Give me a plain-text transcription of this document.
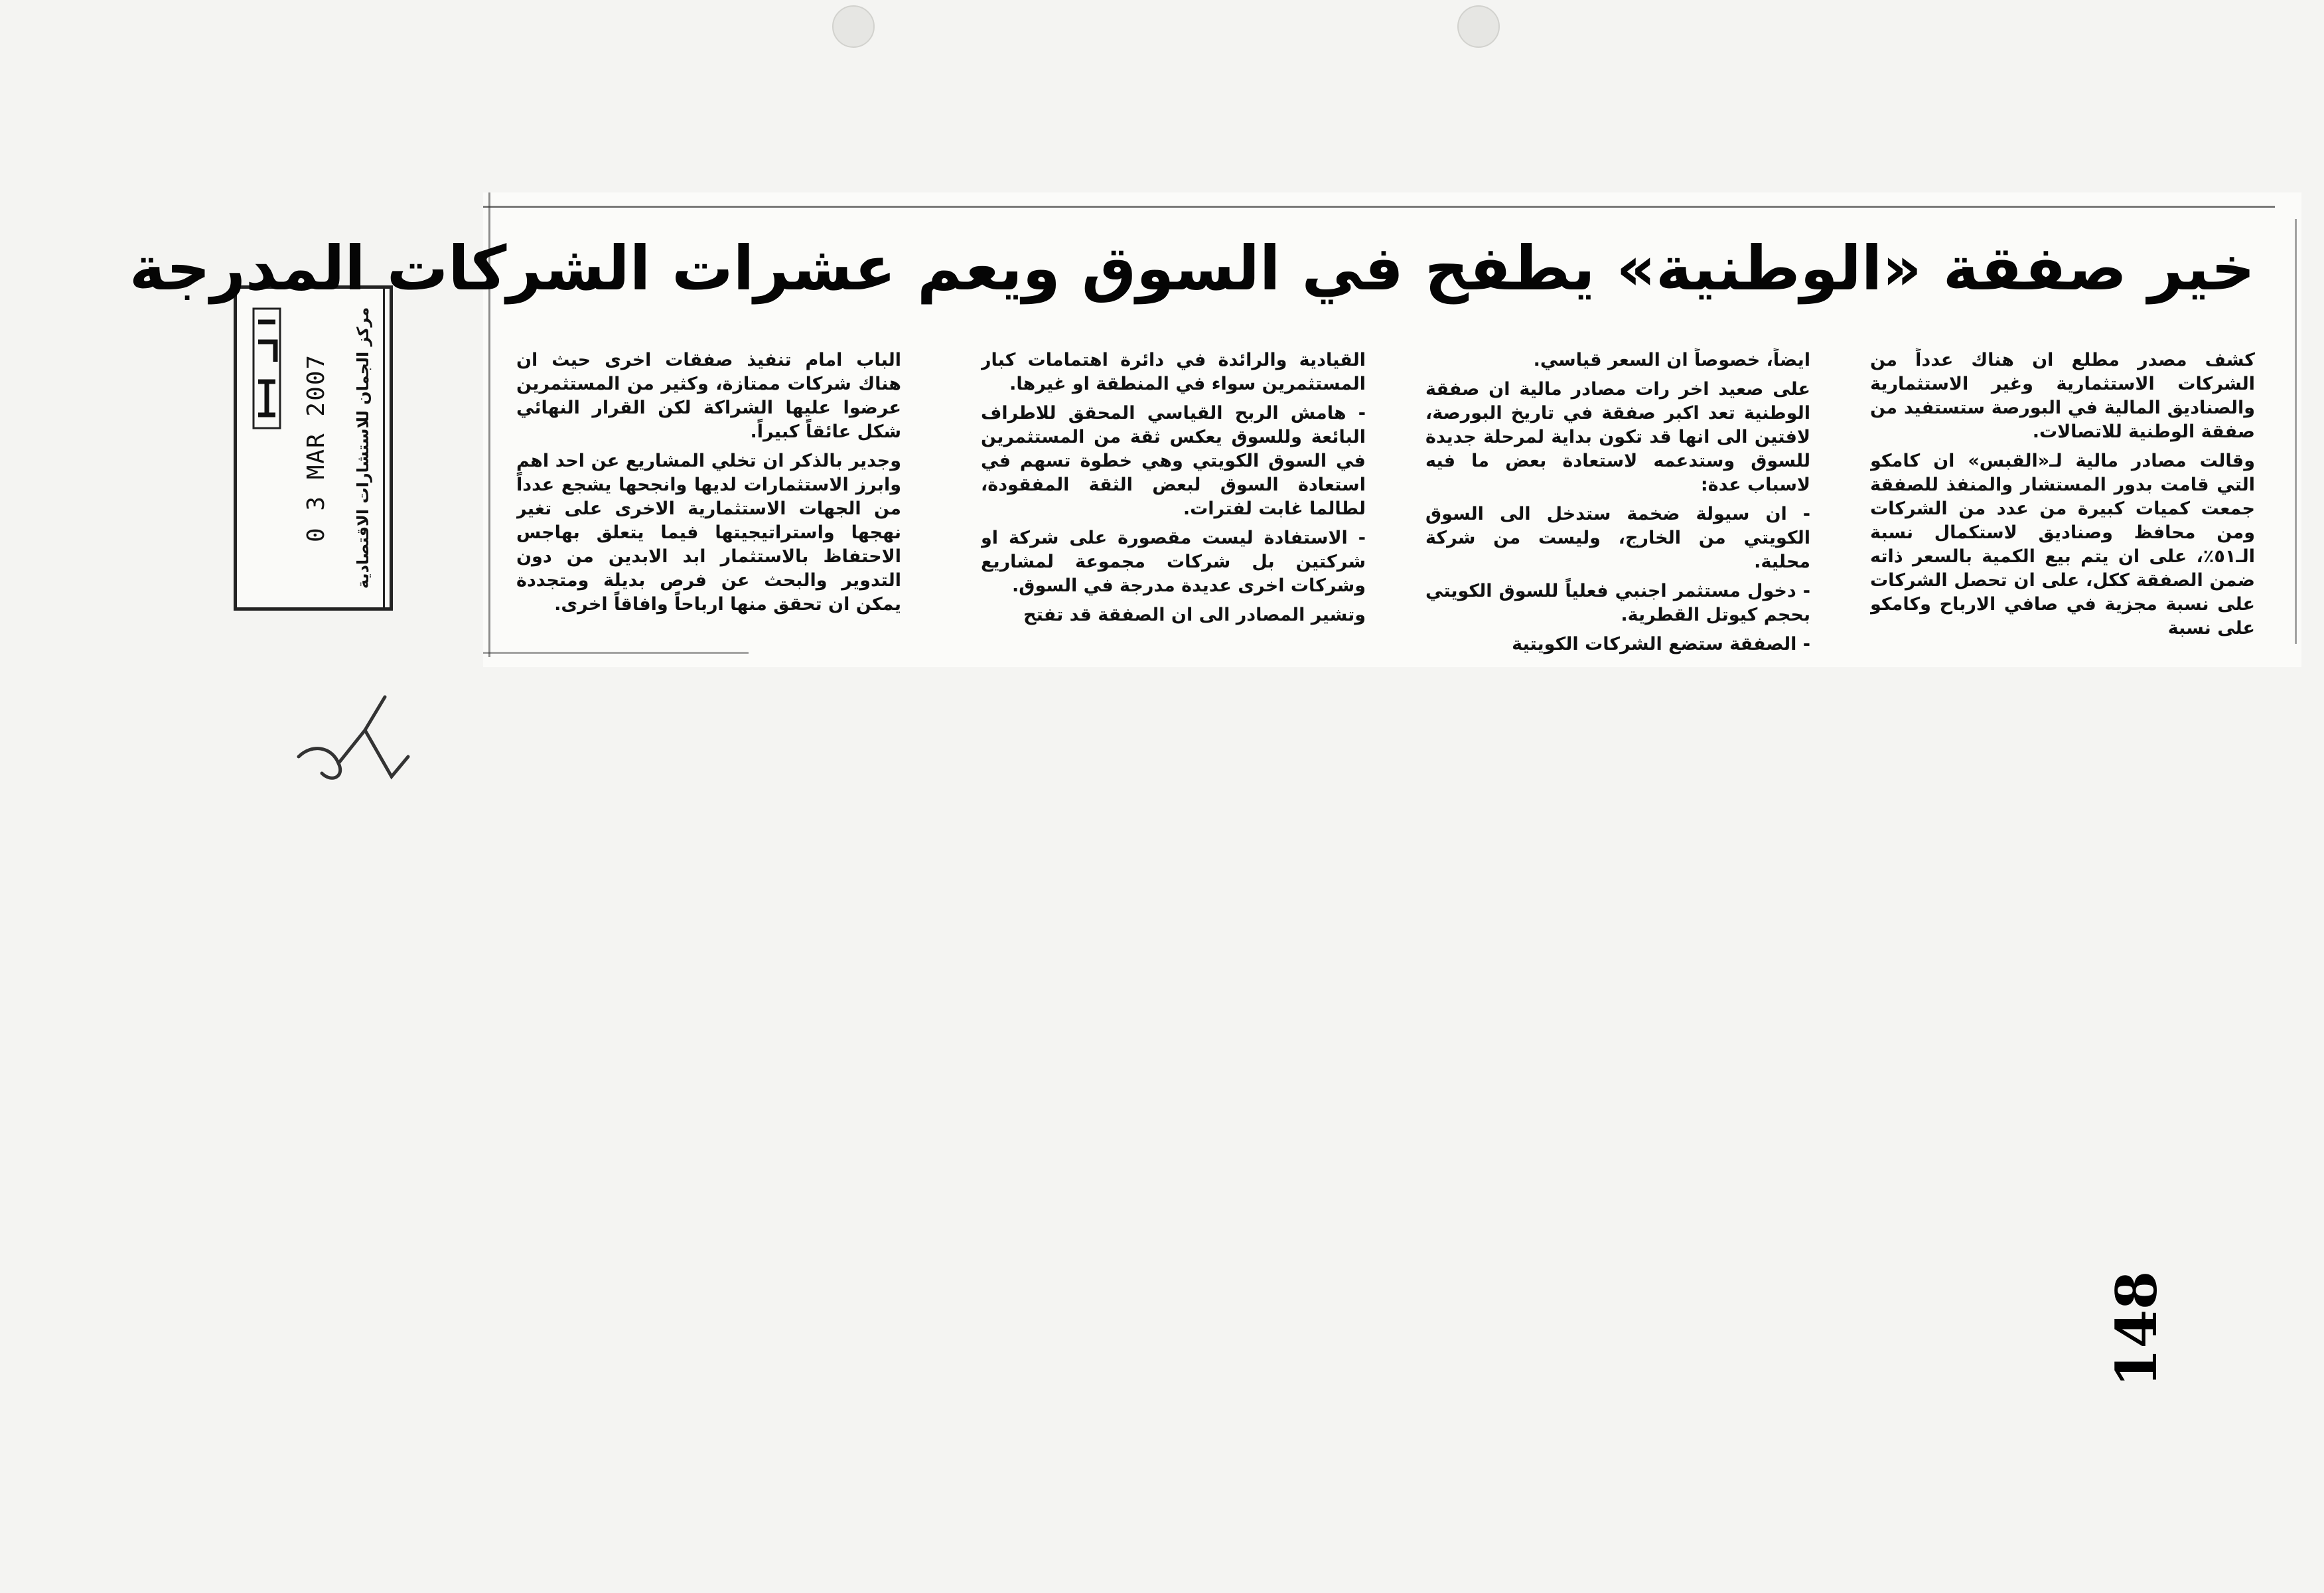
مركز الجمان للاستشارات الاقتصادية
0 3 MAR 2007
خير صفقة «الوطنية» يطفح في السوق ويعم عشرات الشركات المدرجة

كشف مصدر مطلع ان هناك عدداً من الشركات الاستثمارية وغير الاستثمارية والصناديق المالية في البورصة ستستفيد من صفقة الوطنية للاتصالات.

وقالت مصادر مالية لـ«القبس» ان كامكو التي قامت بدور المستشار والمنفذ للصفقة جمعت كميات كبيرة من عدد من الشركات ومن محافظ وصناديق لاستكمال نسبة الـ٥١٪، على ان يتم بيع الكمية بالسعر ذاته ضمن الصفقة ككل، على ان تحصل الشركات على نسبة مجزية في صافي الارباح وكامكو على نسبة

ايضاً، خصوصاً ان السعر قياسي.

على صعيد اخر رات مصادر مالية ان صفقة الوطنية تعد اكبر صفقة في تاريخ البورصة، لافتين الى انها قد تكون بداية لمرحلة جديدة للسوق وستدعمه لاستعادة بعض ما فيه لاسباب عدة:

- ان سيولة ضخمة ستدخل الى السوق الكويتي من الخارج، وليست من شركة محلية.

- دخول مستثمر اجنبي فعلياً للسوق الكويتي بحجم كيوتل القطرية.

- الصفقة ستضع الشركات الكويتية

القيادية والرائدة في دائرة اهتمامات كبار المستثمرين سواء في المنطقة او غيرها.

- هامش الربح القياسي المحقق للاطراف البائعة وللسوق يعكس ثقة من المستثمرين في السوق الكويتي وهي خطوة تسهم في استعادة السوق لبعض الثقة المفقودة، لطالما غابت لفترات.

- الاستفادة ليست مقصورة على شركة او شركتين بل شركات مجموعة لمشاريع وشركات اخرى عديدة مدرجة في السوق.

وتشير المصادر الى ان الصفقة قد تفتح

الباب امام تنفيذ صفقات اخرى حيث ان هناك شركات ممتازة، وكثير من المستثمرين عرضوا عليها الشراكة لكن القرار النهائي شكل عائقاً كبيراً.

وجدير بالذكر ان تخلي المشاريع عن احد اهم وابرز الاستثمارات لديها وانجحها يشجع عدداً من الجهات الاستثمارية الاخرى على تغير نهجها واستراتيجيتها فيما يتعلق بهاجس الاحتفاظ بالاستثمار ابد الابدين من دون التدوير والبحث عن فرص بديلة ومتجددة يمكن ان تحقق منها ارباحاً وافاقاً اخرى.

148
